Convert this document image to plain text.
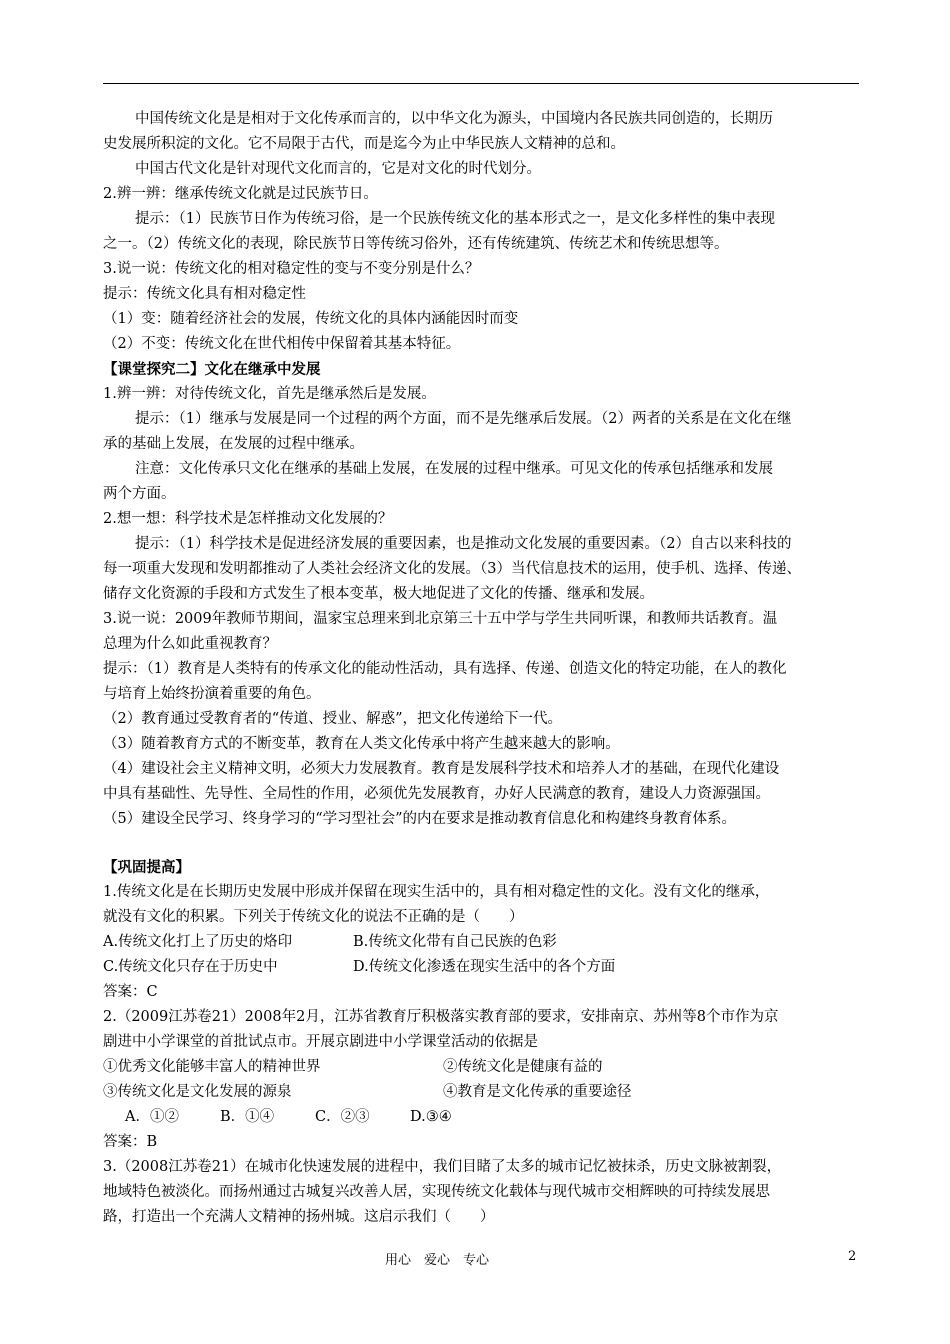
中国传统文化是是相对于文化传承而言的，以中华文化为源头，中国境内各民族共同创造的，长期历
史发展所积淀的文化。它不局限于古代，而是迄今为止中华民族人文精神的总和。
中国古代文化是针对现代文化而言的，它是对文化的时代划分。
2.辨一辨：继承传统文化就是过民族节日。
提示：（1）民族节日作为传统习俗，是一个民族传统文化的基本形式之一，是文化多样性的集中表现
之一。（2）传统文化的表现，除民族节日等传统习俗外，还有传统建筑、传统艺术和传统思想等。
3.说一说：传统文化的相对稳定性的变与不变分别是什么？
提示：传统文化具有相对稳定性
（1）变：随着经济社会的发展，传统文化的具体内涵能因时而变
（2）不变：传统文化在世代相传中保留着其基本特征。
【课堂探究二】文化在继承中发展
1.辨一辨：对待传统文化，首先是继承然后是发展。
提示：（1）继承与发展是同一个过程的两个方面，而不是先继承后发展。（2）两者的关系是在文化在继
承的基础上发展，在发展的过程中继承。
注意：文化传承只文化在继承的基础上发展，在发展的过程中继承。可见文化的传承包括继承和发展
两个方面。
2.想一想：科学技术是怎样推动文化发展的？
提示：（1）科学技术是促进经济发展的重要因素，也是推动文化发展的重要因素。（2）自古以来科技的
每一项重大发现和发明都推动了人类社会经济文化的发展。（3）当代信息技术的运用，使手机、选择、传递、
储存文化资源的手段和方式发生了根本变革，极大地促进了文化的传播、继承和发展。
3.说一说：2009年教师节期间，温家宝总理来到北京第三十五中学与学生共同听课，和教师共话教育。温
总理为什么如此重视教育？
提示：（1）教育是人类特有的传承文化的能动性活动，具有选择、传递、创造文化的特定功能，在人的教化
与培育上始终扮演着重要的角色。
（2）教育通过受教育者的“传道、授业、解惑”，把文化传递给下一代。
（3）随着教育方式的不断变革，教育在人类文化传承中将产生越来越大的影响。
（4）建设社会主义精神文明，必须大力发展教育。教育是发展科学技术和培养人才的基础，在现代化建设
中具有基础性、先导性、全局性的作用，必须优先发展教育，办好人民满意的教育，建设人力资源强国。
（5）建设全民学习、终身学习的“学习型社会”的内在要求是推动教育信息化和构建终身教育体系。
【巩固提高】
1.传统文化是在长期历史发展中形成并保留在现实生活中的，具有相对稳定性的文化。没有文化的继承，
就没有文化的积累。下列关于传统文化的说法不正确的是（　　）
A.传统文化打上了历史的烙印	B.传统文化带有自己民族的色彩
C.传统文化只存在于历史中	D.传统文化渗透在现实生活中的各个方面
答案：C
2.（2009江苏卷21）2008年2月，江苏省教育厅积极落实教育部的要求，安排南京、苏州等8个市作为京
剧进中小学课堂的首批试点市。开展京剧进中小学课堂活动的依据是
①优秀文化能够丰富人的精神世界	②传统文化是健康有益的
③传统文化是文化发展的源泉	④教育是文化传承的重要途径
A．①②	B．①④	C．②③	D.③④
答案：B
3.（2008江苏卷21）在城市化快速发展的进程中，我们目睹了太多的城市记忆被抹杀，历史文脉被割裂，
地域特色被淡化。而扬州通过古城复兴改善人居，实现传统文化载体与现代城市交相辉映的可持续发展思
路，打造出一个充满人文精神的扬州城。这启示我们（　　）
用心　爱心　专心	2
